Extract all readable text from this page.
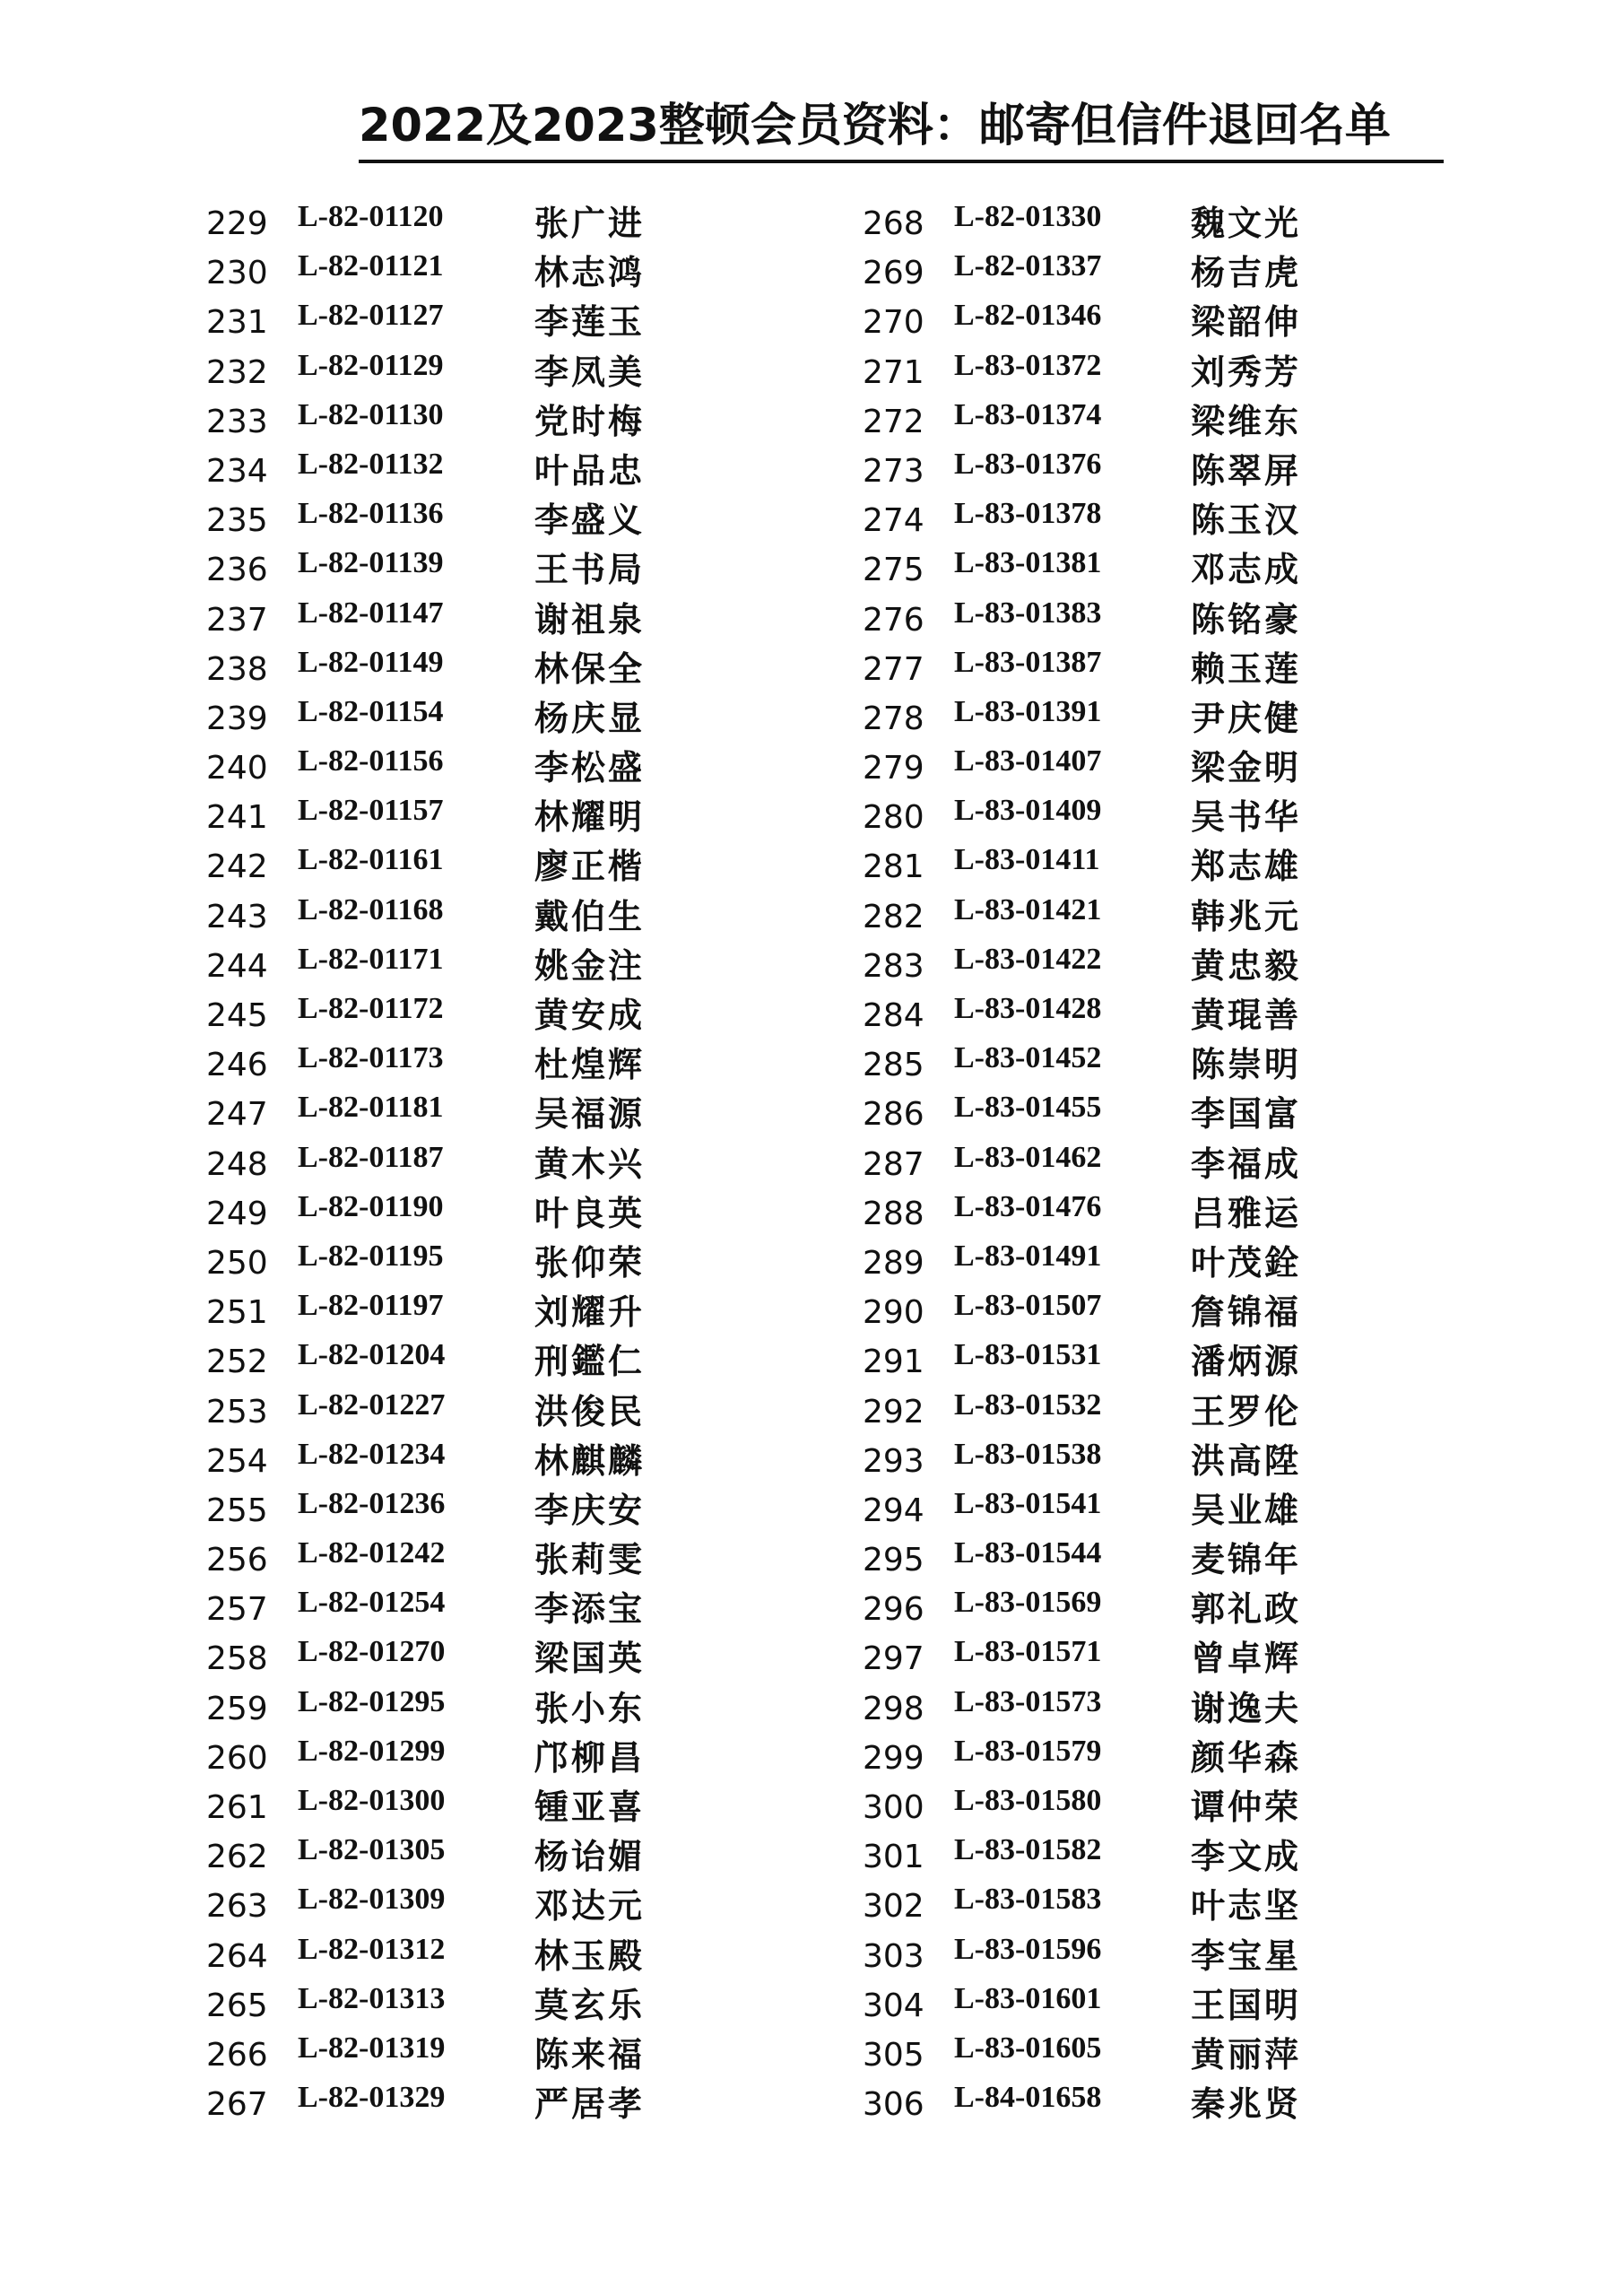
2022及2023整顿会员资料：邮寄但信件退回名单
229 L-82-01120	张广进
230 L-82-01121	林志鸿
231 L-82-01127	李莲玉
232 L-82-01129	李凤美
233 L-82-01130	党时梅
234 L-82-01132	叶品忠
235 L-82-01136	李盛义
236 L-82-01139	王书局
237 L-82-01147	谢祖泉
238 L-82-01149	林保全
239 L-82-01154	杨庆显
240 L-82-01156	李松盛
241 L-82-01157	林耀明
242 L-82-01161	廖正楷
243 L-82-01168	戴伯生
244 L-82-01171	姚金注
245 L-82-01172	黄安成
246 L-82-01173	杜煌辉
247 L-82-01181	吴福源
248 L-82-01187	黄木兴
249 L-82-01190	叶良英
250 L-82-01195	张仰荣
251 L-82-01197	刘耀升
252 L-82-01204	刑鑑仁
253 L-82-01227	洪俊民
254 L-82-01234	林麒麟
255 L-82-01236	李庆安
256 L-82-01242	张莉雯
257 L-82-01254	李添宝
258 L-82-01270	梁国英
259 L-82-01295	张小东
260 L-82-01299	邝柳昌
261 L-82-01300	锺亚喜
262 L-82-01305	杨诒媚
263 L-82-01309	邓达元
264 L-82-01312	林玉殿
265 L-82-01313	莫玄乐
266 L-82-01319	陈来福
267 L-82-01329	严居孝
268 L-82-01330	魏文光
269 L-82-01337	杨吉虎
270 L-82-01346	梁韶伸
271 L-83-01372	刘秀芳
272 L-83-01374	梁维东
273 L-83-01376	陈翠屏
274 L-83-01378	陈玉汉
275 L-83-01381	邓志成
276 L-83-01383	陈铭豪
277 L-83-01387	赖玉莲
278 L-83-01391	尹庆健
279 L-83-01407	梁金明
280 L-83-01409	吴书华
281 L-83-01411	郑志雄
282 L-83-01421	韩兆元
283 L-83-01422	黄忠毅
284 L-83-01428	黄琨善
285 L-83-01452	陈崇明
286 L-83-01455	李国富
287 L-83-01462	李福成
288 L-83-01476	吕雅运
289 L-83-01491	叶茂銓
290 L-83-01507	詹锦福
291 L-83-01531	潘炳源
292 L-83-01532	王罗伦
293 L-83-01538	洪高陞
294 L-83-01541	吴业雄
295 L-83-01544	麦锦年
296 L-83-01569	郭礼政
297 L-83-01571	曾卓辉
298 L-83-01573	谢逸夫
299 L-83-01579	颜华森
300 L-83-01580	谭仲荣
301 L-83-01582	李文成
302 L-83-01583	叶志坚
303 L-83-01596	李宝星
304 L-83-01601	王国明
305 L-83-01605	黄丽萍
306 L-84-01658	秦兆贤
